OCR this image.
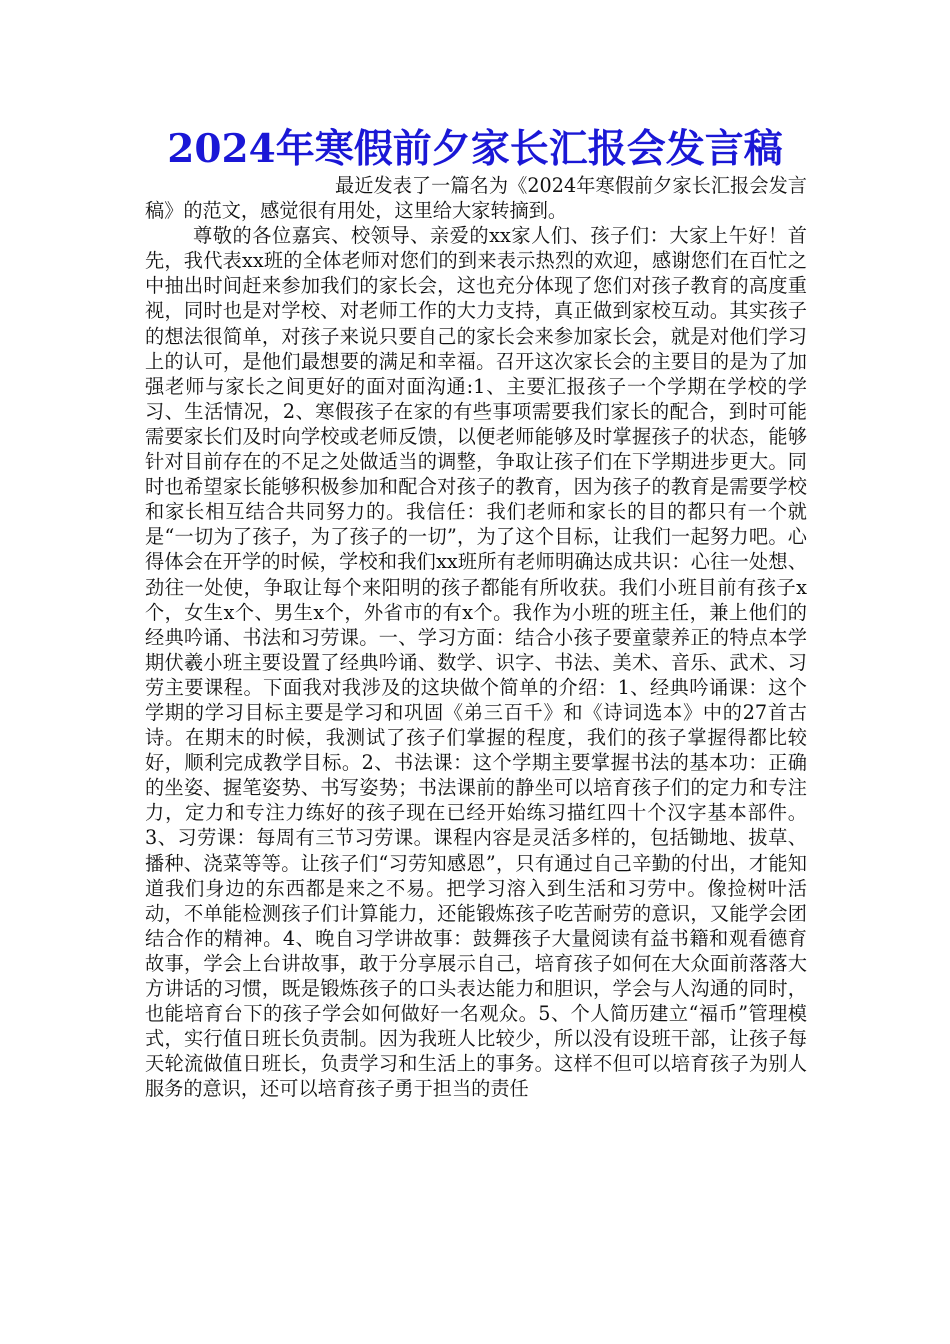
2024年寒假前夕家长汇报会发言稿

最近发表了一篇名为《2024年寒假前夕家长汇报会发言稿》的范文，感觉很有用处，这里给大家转摘到。

尊敬的各位嘉宾、校领导、亲爱的xx家人们、孩子们：大家上午好！首先，我代表xx班的全体老师对您们的到来表示热烈的欢迎，感谢您们在百忙之中抽出时间赶来参加我们的家长会，这也充分体现了您们对孩子教育的高度重视，同时也是对学校、对老师工作的大力支持，真正做到家校互动。其实孩子的想法很简单，对孩子来说只要自己的家长会来参加家长会，就是对他们学习上的认可，是他们最想要的满足和幸福。召开这次家长会的主要目的是为了加强老师与家长之间更好的面对面沟通:1、主要汇报孩子一个学期在学校的学习、生活情况，2、寒假孩子在家的有些事项需要我们家长的配合，到时可能需要家长们及时向学校或老师反馈，以便老师能够及时掌握孩子的状态，能够针对目前存在的不足之处做适当的调整，争取让孩子们在下学期进步更大。同时也希望家长能够积极参加和配合对孩子的教育，因为孩子的教育是需要学校和家长相互结合共同努力的。我信任：我们老师和家长的目的都只有一个就是“一切为了孩子，为了孩子的一切”，为了这个目标，让我们一起努力吧。心得体会在开学的时候，学校和我们xx班所有老师明确达成共识：心往一处想、劲往一处使，争取让每个来阳明的孩子都能有所收获。我们小班目前有孩子x个，女生x个、男生x个，外省市的有x个。我作为小班的班主任，兼上他们的经典吟诵、书法和习劳课。一、学习方面：结合小孩子要童蒙养正的特点本学期伏羲小班主要设置了经典吟诵、数学、识字、书法、美术、音乐、武术、习劳主要课程。下面我对我涉及的这块做个简单的介绍：1、经典吟诵课：这个学期的学习目标主要是学习和巩固《弟三百千》和《诗词选本》中的27首古诗。在期末的时候，我测试了孩子们掌握的程度，我们的孩子掌握得都比较好，顺利完成教学目标。2、书法课：这个学期主要掌握书法的基本功：正确的坐姿、握笔姿势、书写姿势；书法课前的静坐可以培育孩子们的定力和专注力，定力和专注力练好的孩子现在已经开始练习描红四十个汉字基本部件。3、习劳课：每周有三节习劳课。课程内容是灵活多样的，包括锄地、拔草、播种、浇菜等等。让孩子们“习劳知感恩”，只有通过自己辛勤的付出，才能知道我们身边的东西都是来之不易。把学习溶入到生活和习劳中。像捡树叶活动，不单能检测孩子们计算能力，还能锻炼孩子吃苦耐劳的意识，又能学会团结合作的精神。4、晚自习学讲故事：鼓舞孩子大量阅读有益书籍和观看德育故事，学会上台讲故事，敢于分享展示自己，培育孩子如何在大众面前落落大方讲话的习惯，既是锻炼孩子的口头表达能力和胆识，学会与人沟通的同时，也能培育台下的孩子学会如何做好一名观众。5、个人简历建立“福币”管理模式，实行值日班长负责制。因为我班人比较少，所以没有设班干部，让孩子每天轮流做值日班长，负责学习和生活上的事务。这样不但可以培育孩子为别人服务的意识，还可以培育孩子勇于担当的责任
